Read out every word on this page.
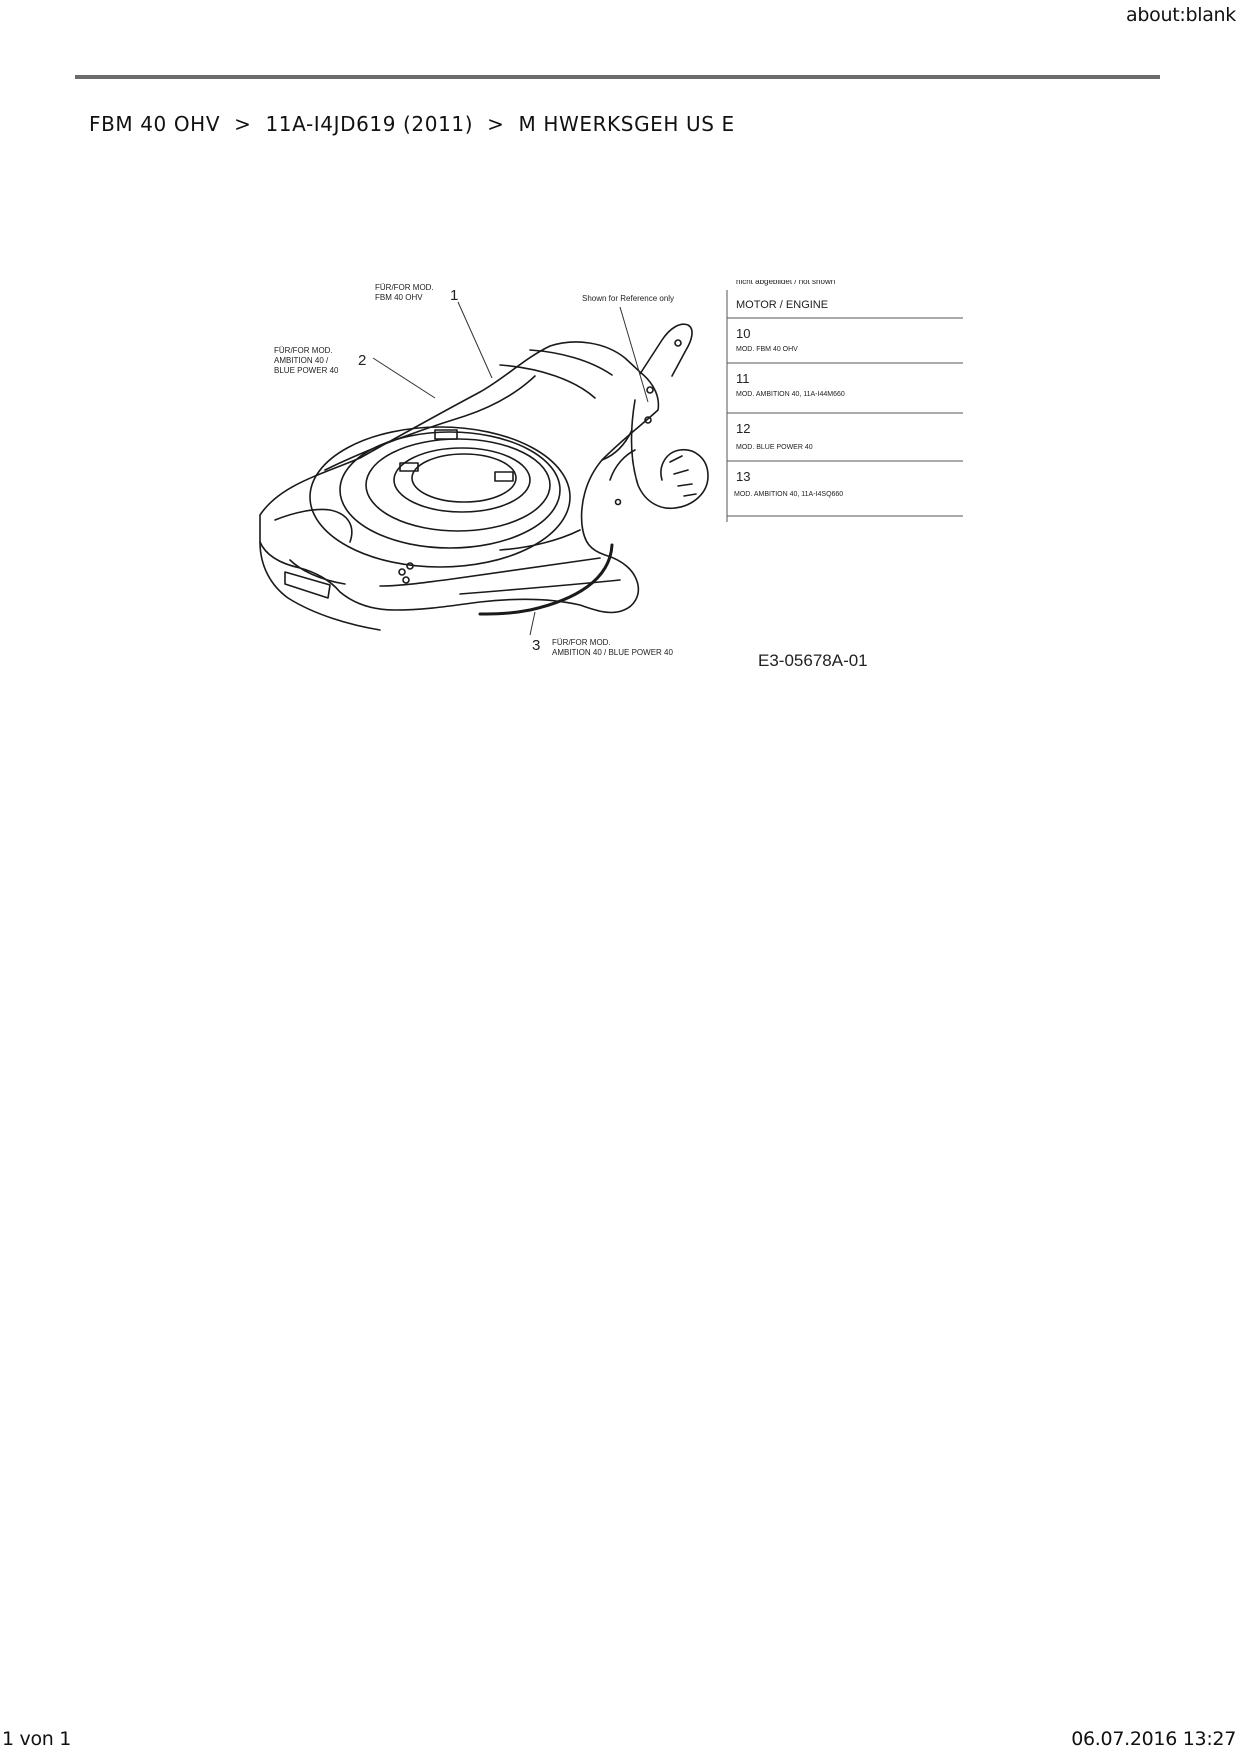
about:blank
FBM 40 OHV > 11A-I4JD619 (2011) > M HWERKSGEH US E
1
FÜR/FOR MOD.
FBM 40 OHV
2
FÜR/FOR MOD.
AMBITION 40 /
BLUE POWER 40
3 FÜR/FOR MOD.
AMBITION 40 / BLUE POWER 40
Shown for Reference only
nicht abgebildet / not shown
MOTOR / ENGINE
10
MOD. FBM 40 OHV
11
MOD. AMBITION 40, 11A-I44M660
12
MOD. BLUE POWER 40
13
MOD. AMBITION 40, 11A-I4SQ660
E3-05678A-01
1 von 1	06.07.2016 13:27
